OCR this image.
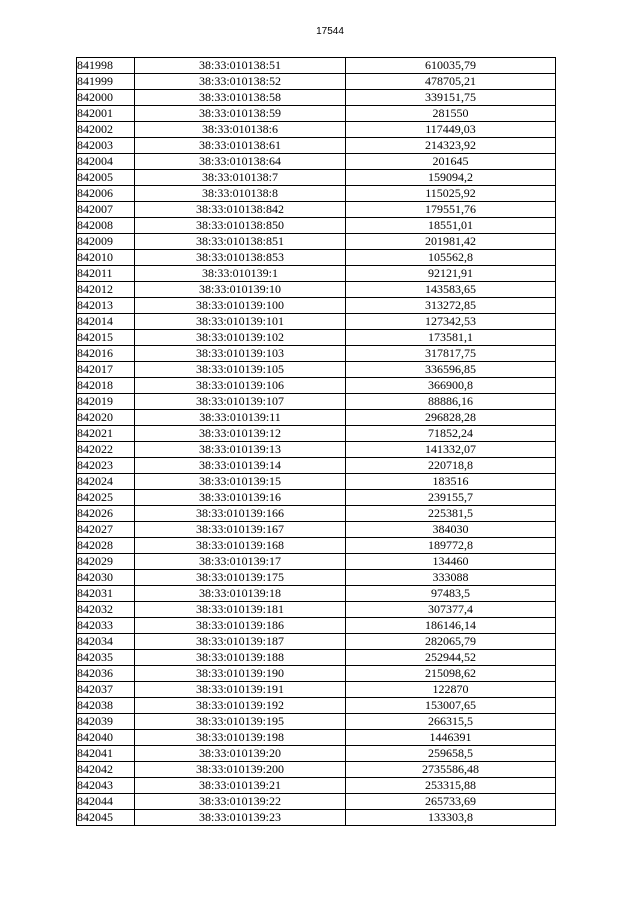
17544
841998	38:33:010138:51	610035,79
841999	38:33:010138:52	478705,21
842000	38:33:010138:58	339151,75
842001	38:33:010138:59	281550
842002	38:33:010138:6	117449,03
842003	38:33:010138:61	214323,92
842004	38:33:010138:64	201645
842005	38:33:010138:7	159094,2
842006	38:33:010138:8	115025,92
842007	38:33:010138:842	179551,76
842008	38:33:010138:850	18551,01
842009	38:33:010138:851	201981,42
842010	38:33:010138:853	105562,8
842011	38:33:010139:1	92121,91
842012	38:33:010139:10	143583,65
842013	38:33:010139:100	313272,85
842014	38:33:010139:101	127342,53
842015	38:33:010139:102	173581,1
842016	38:33:010139:103	317817,75
842017	38:33:010139:105	336596,85
842018	38:33:010139:106	366900,8
842019	38:33:010139:107	88886,16
842020	38:33:010139:11	296828,28
842021	38:33:010139:12	71852,24
842022	38:33:010139:13	141332,07
842023	38:33:010139:14	220718,8
842024	38:33:010139:15	183516
842025	38:33:010139:16	239155,7
842026	38:33:010139:166	225381,5
842027	38:33:010139:167	384030
842028	38:33:010139:168	189772,8
842029	38:33:010139:17	134460
842030	38:33:010139:175	333088
842031	38:33:010139:18	97483,5
842032	38:33:010139:181	307377,4
842033	38:33:010139:186	186146,14
842034	38:33:010139:187	282065,79
842035	38:33:010139:188	252944,52
842036	38:33:010139:190	215098,62
842037	38:33:010139:191	122870
842038	38:33:010139:192	153007,65
842039	38:33:010139:195	266315,5
842040	38:33:010139:198	1446391
842041	38:33:010139:20	259658,5
842042	38:33:010139:200	2735586,48
842043	38:33:010139:21	253315,88
842044	38:33:010139:22	265733,69
842045	38:33:010139:23	133303,8
